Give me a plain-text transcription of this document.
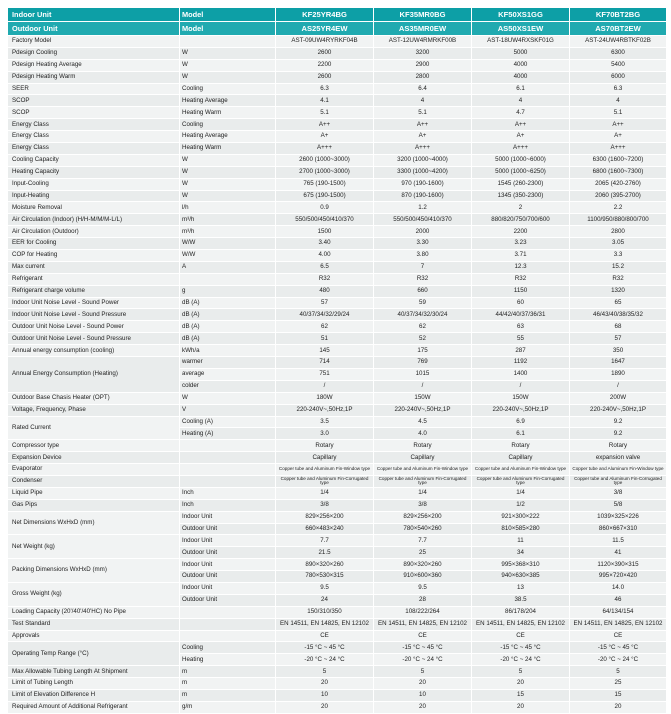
Indoor Unit	Model	KF25YR4BG	KF35MR0BG	KF50XS1GG	KF70BT2BG
Outdoor Unit	Model	AS25YR4EW	AS35MR0EW	AS50XS1EW	AS70BT2EW
Factory Model		AST-09UW4RYRKF04B	AST-12UW4RMRKF00B	AST-18UW4RXSKF01G	AST-24UW4RBTKF02B
Pdesign Cooling	W	2600	3200	5000	6300
Pdesign Heating Average	W	2200	2900	4000	5400
Pdesign Heating Warm	W	2600	2800	4000	6000
SEER	Cooling	6.3	6.4	6.1	6.3
SCOP	Heating Average	4.1	4	4	4
SCOP	Heating Warm	5.1	5.1	4.7	5.1
Energy Class	Cooling	A++	A++	A++	A++
Energy Class	Heating Average	A+	A+	A+	A+
Energy Class	Heating Warm	A+++	A+++	A+++	A+++
Cooling Capacity	W	2600 (1000~3000)	3200 (1000~4000)	5000 (1000~6000)	6300 (1600~7200)
Heating Capacity	W	2700 (1000~3000)	3300 (1000~4200)	5000 (1000~6250)	6800 (1600~7300)
Input-Cooling	W	765 (190-1500)	970 (190-1600)	1545 (260-2300)	2065 (420-2760)
Input-Heating	W	675 (190-1500)	870 (190-1600)	1345 (350-2300)	2060 (395-2700)
Moisture Removal	l/h	0.9	1.2	2	2.2
Air Circulation (Indoor) (H/H-M/M/M-L/L)	m³/h	550/500/450/410/370	550/500/450/410/370	880/820/750/700/600	1100/950/880/800/700
Air Circulation (Outdoor)	m³/h	1500	2000	2200	2800
EER for Cooling	W/W	3.40	3.30	3.23	3.05
COP for Heating	W/W	4.00	3.80	3.71	3.3
Max current	A	6.5	7	12.3	15.2
Refrigerant		R32	R32	R32	R32
Refrigerant charge volume	g	480	660	1150	1320
Indoor Unit Noise Level - Sound Power	dB (A)	57	59	60	65
Indoor Unit Noise Level - Sound Pressure	dB (A)	40/37/34/32/29/24	40/37/34/32/30/24	44/42/40/37/36/31	46/43/40/38/35/32
Outdoor Unit Noise Level - Sound Power	dB (A)	62	62	63	68
Outdoor Unit Noise Level - Sound Pressure	dB (A)	51	52	55	57
Annual energy consumption (cooling)	kWh/a	145	175	287	350
Annual Energy Consumption (Heating)	warmer	714	769	1192	1647
	average	751	1015	1400	1890
	colder	/	/	/	/
Outdoor Base Chasis Heater (OPT)	W	180W	150W	150W	200W
Voltage, Frequency, Phase	V	220-240V~,50Hz,1P	220-240V~,50Hz,1P	220-240V~,50Hz,1P	220-240V~,50Hz,1P
Rated Current	Cooling (A)	3.5	4.5	6.9	9.2
	Heating (A)	3.0	4.0	6.1	9.2
Compressor type		Rotary	Rotary	Rotary	Rotary
Expansion Device		Capillary	Capillary	Capillary	expansion valve
Evaporator		Copper tube and Aluminum Fin-Window type	Copper tube and Aluminum Fin-Window type	Copper tube and Aluminum Fin-Window type	Copper tube and Aluminum Fin-Window type
Condenser		Copper tube and Aluminum Fin-Corrugated type	Copper tube and Aluminum Fin-Corrugated type	Copper tube and Aluminum Fin-Corrugated type	Copper tube and Aluminum Fin-Corrugated type
Liquid Pipe	Inch	1/4	1/4	1/4	3/8
Gas Pips	Inch	3/8	3/8	1/2	5/8
Net Dimensions WxHxD (mm)	Indoor Unit	829×256×200	829×256×200	921×300×222	1039×325×226
	Outdoor Unit	660×483×240	780×540×260	810×585×280	860×667×310
Net Weight (kg)	Indoor Unit	7.7	7.7	11	11.5
	Outdoor Unit	21.5	25	34	41
Packing Dimensions WxHxD (mm)	Indoor Unit	890×320×260	890×320×260	995×368×310	1120×390×315
	Outdoor Unit	780×530×315	910×600×360	940×630×385	995×720×420
Gross Weight (kg)	Indoor Unit	9.5	9.5	13	14.0
	Outdoor Unit	24	28	38.5	46
Loading Capacity (20'/40'/40'HC) No Pipe		150/310/350	108/222/264	86/178/204	64/134/154
Test Standard		EN 14511, EN 14825, EN 12102	EN 14511, EN 14825, EN 12102	EN 14511, EN 14825, EN 12102	EN 14511, EN 14825, EN 12102
Approvals		CE	CE	CE	CE
Operating Temp Range (°C)	Cooling	-15 °C ~ 45 °C	-15 °C ~ 45 °C	-15 °C ~ 45 °C	-15 °C ~ 45 °C
	Heating	-20 °C ~ 24 °C	-20 °C ~ 24 °C	-20 °C ~ 24 °C	-20 °C ~ 24 °C
Max Allowable Tubing Length At Shipment	m	5	5	5	5
Limit of Tubing Length	m	20	20	20	25
Limit of Elevation Difference H	m	10	10	15	15
Required Amount of Additional Refrigerant	g/m	20	20	20	20
